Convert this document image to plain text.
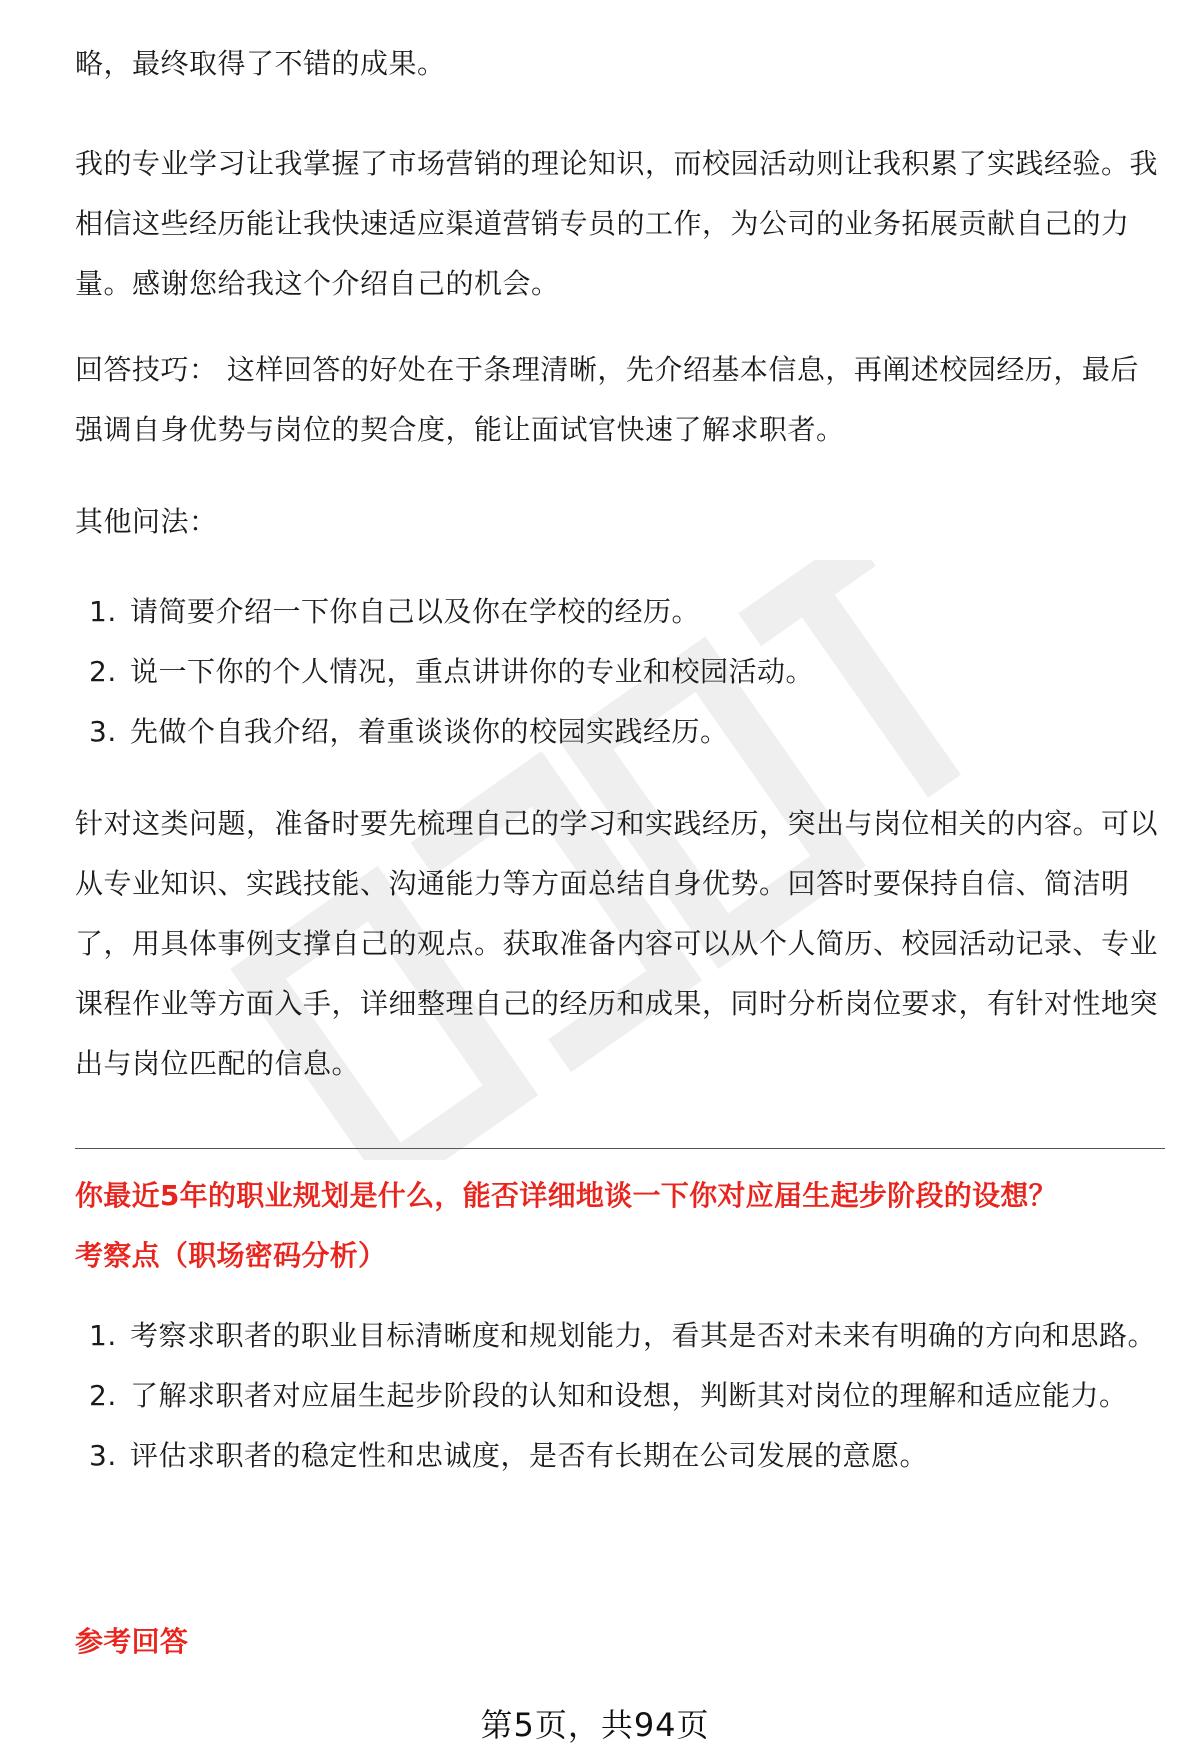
略，最终取得了不错的成果。

我的专业学习让我掌握了市场营销的理论知识，而校园活动则让我积累了实践经验。我相信这些经历能让我快速适应渠道营销专员的工作，为公司的业务拓展贡献自己的力量。感谢您给我这个介绍自己的机会。

回答技巧： 这样回答的好处在于条理清晰，先介绍基本信息，再阐述校园经历，最后强调自身优势与岗位的契合度，能让面试官快速了解求职者。

其他问法：

1. 请简要介绍一下你自己以及你在学校的经历。
2. 说一下你的个人情况，重点讲讲你的专业和校园活动。
3. 先做个自我介绍，着重谈谈你的校园实践经历。

针对这类问题，准备时要先梳理自己的学习和实践经历，突出与岗位相关的内容。可以从专业知识、实践技能、沟通能力等方面总结自身优势。回答时要保持自信、简洁明了，用具体事例支撑自己的观点。获取准备内容可以从个人简历、校园活动记录、专业课程作业等方面入手，详细整理自己的经历和成果，同时分析岗位要求，有针对性地突出与岗位匹配的信息。

你最近5年的职业规划是什么，能否详细地谈一下你对应届生起步阶段的设想？

考察点（职场密码分析）

1. 考察求职者的职业目标清晰度和规划能力，看其是否对未来有明确的方向和思路。
2. 了解求职者对应届生起步阶段的认知和设想，判断其对岗位的理解和适应能力。
3. 评估求职者的稳定性和忠诚度，是否有长期在公司发展的意愿。

参考回答

第5页，共94页
